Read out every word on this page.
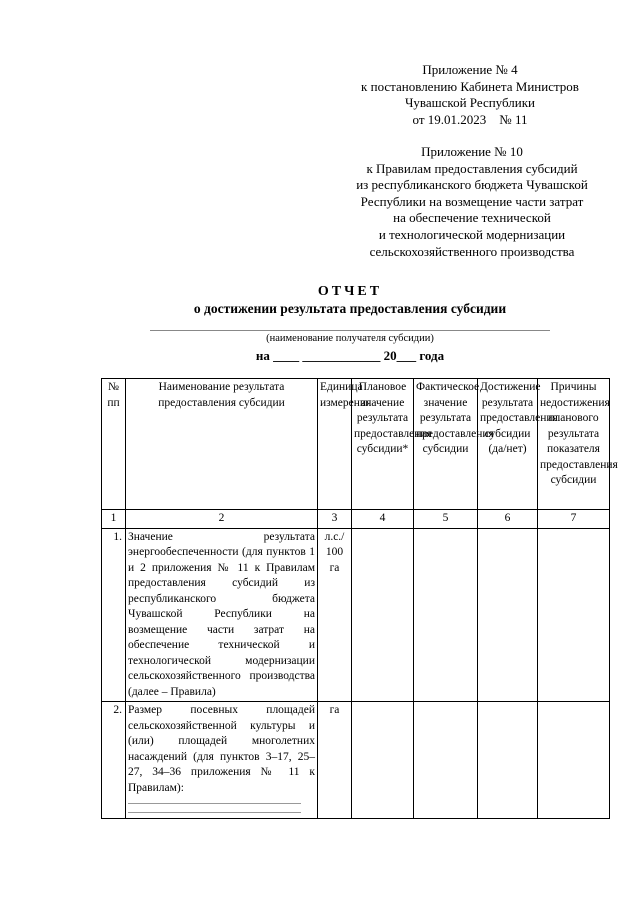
Приложение № 4
к постановлению Кабинета Министров
Чувашской Республики
от 19.01.2023    № 11
Приложение № 10
к Правилам предоставления субсидий
из республиканского бюджета Чувашской
Республики на возмещение части затрат
на обеспечение технической
и технологической модернизации
сельскохозяйственного производства
ОТЧЕТ
о достижении результата предоставления субсидии
(наименование получателя субсидии)
на ____ ____________ 20___ года
№ пп	Наименование результата предоставления субсидии	Единица измерения	Плановое значение результата предоставления субсидии*	Фактическое значение результата предоставления субсидии	Достижение результата предоставления субсидии (да/нет)	Причины недостижения планового результата показателя предоставления субсидии
1	2	3	4	5	6	7
1.	Значение результата энергообеспеченности (для пунктов 1 и 2 приложения № 11 к Правилам предоставления субсидий из республиканского бюджета Чувашской Республики на возмещение части затрат на обеспечение технической и технологической модернизации сельскохозяйственного производства (далее – Правила)	л.с./ 100 га				
2.	Размер посевных площадей сельскохозяйственной культуры и (или) площадей многолетних насаждений (для пунктов 3–17, 25–27, 34–36 приложения № 11 к Правилам):	га				
